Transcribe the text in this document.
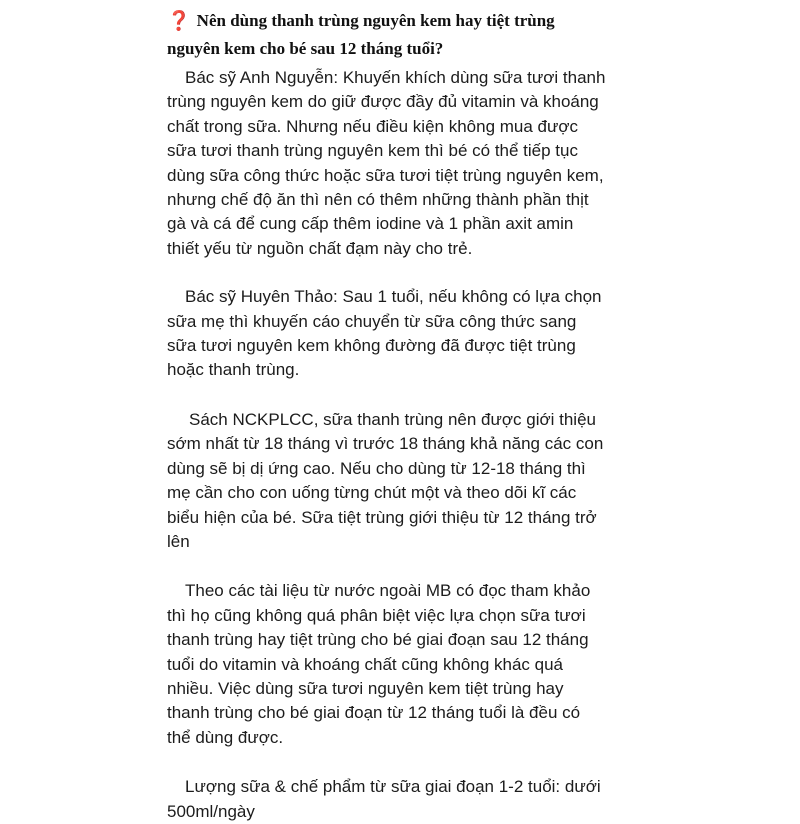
❓ Nên dùng thanh trùng nguyên kem hay tiệt trùng
nguyên kem cho bé sau 12 tháng tuổi?

Bác sỹ Anh Nguyễn: Khuyến khích dùng sữa tươi thanh
trùng nguyên kem do giữ được đầy đủ vitamin và khoáng
chất trong sữa. Nhưng nếu điều kiện không mua được
sữa tươi thanh trùng nguyên kem thì bé có thể tiếp tục
dùng sữa công thức hoặc sữa tươi tiệt trùng nguyên kem,
nhưng chế độ ăn thì nên có thêm những thành phần thịt
gà và cá để cung cấp thêm iodine và 1 phần axit amin
thiết yếu từ nguồn chất đạm này cho trẻ.

Bác sỹ Huyên Thảo: Sau 1 tuổi, nếu không có lựa chọn
sữa mẹ thì khuyến cáo chuyển từ sữa công thức sang
sữa tươi nguyên kem không đường đã được tiệt trùng
hoặc thanh trùng.

Sách NCKPLCC, sữa thanh trùng nên được giới thiệu
sớm nhất từ 18 tháng vì trước 18 tháng khả năng các con
dùng sẽ bị dị ứng cao. Nếu cho dùng từ 12-18 tháng thì
mẹ cần cho con uống từng chút một và theo dõi kĩ các
biểu hiện của bé. Sữa tiệt trùng giới thiệu từ 12 tháng trở
lên

Theo các tài liệu từ nước ngoài MB có đọc tham khảo
thì họ cũng không quá phân biệt việc lựa chọn sữa tươi
thanh trùng hay tiệt trùng cho bé giai đoạn sau 12 tháng
tuổi do vitamin và khoáng chất cũng không khác quá
nhiều. Việc dùng sữa tươi nguyên kem tiệt trùng hay
thanh trùng cho bé giai đoạn từ 12 tháng tuổi là đều có
thể dùng được.

Lượng sữa & chế phẩm từ sữa giai đoạn 1-2 tuổi: dưới
500ml/ngày
